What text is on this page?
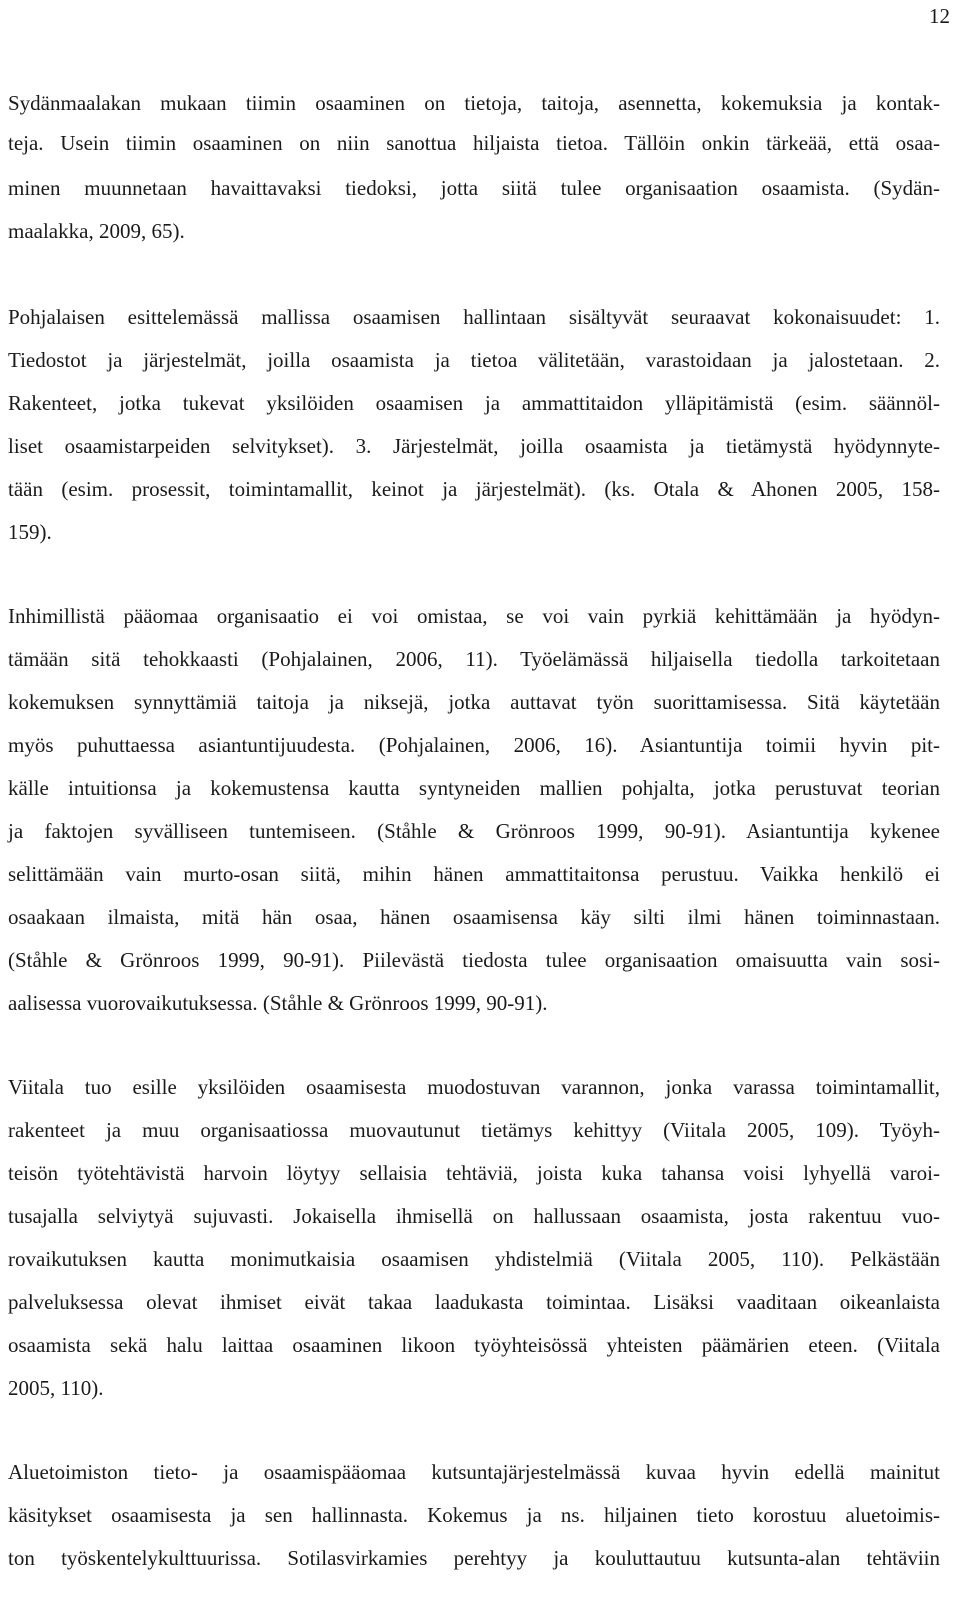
12
Sydänmaalakan mukaan tiimin osaaminen on tietoja, taitoja, asennetta, kokemuksia ja kontak-
teja. Usein tiimin osaaminen on niin sanottua hiljaista tietoa. Tällöin onkin tärkeää, että osaa-
minen muunnetaan havaittavaksi tiedoksi, jotta siitä tulee organisaation osaamista. (Sydän-
maalakka, 2009, 65).
Pohjalaisen esittelemässä mallissa osaamisen hallintaan sisältyvät seuraavat kokonaisuudet: 1.
Tiedostot ja järjestelmät, joilla osaamista ja tietoa välitetään, varastoidaan ja jalostetaan. 2.
Rakenteet, jotka tukevat yksilöiden osaamisen ja ammattitaidon ylläpitämistä (esim. säännöl-
liset osaamistarpeiden selvitykset). 3. Järjestelmät, joilla osaamista ja tietämystä hyödynnyte-
tään (esim. prosessit, toimintamallit, keinot ja järjestelmät). (ks. Otala & Ahonen 2005, 158-
159).
Inhimillistä pääomaa organisaatio ei voi omistaa, se voi vain pyrkiä kehittämään ja hyödyn-
tämään sitä tehokkaasti (Pohjalainen, 2006, 11). Työelämässä hiljaisella tiedolla tarkoitetaan
kokemuksen synnyttämiä taitoja ja niksejä, jotka auttavat työn suorittamisessa. Sitä käytetään
myös puhuttaessa asiantuntijuudesta. (Pohjalainen, 2006, 16). Asiantuntija toimii hyvin pit-
källe intuitionsa ja kokemustensa kautta syntyneiden mallien pohjalta, jotka perustuvat teorian
ja faktojen syvälliseen tuntemiseen. (Ståhle & Grönroos 1999, 90-91). Asiantuntija kykenee
selittämään vain murto-osan siitä, mihin hänen ammattitaitonsa perustuu. Vaikka henkilö ei
osaakaan ilmaista, mitä hän osaa, hänen osaamisensa käy silti ilmi hänen toiminnastaan.
(Ståhle & Grönroos 1999, 90-91). Piilevästä tiedosta tulee organisaation omaisuutta vain sosi-
aalisessa vuorovaikutuksessa. (Ståhle & Grönroos 1999, 90-91).
Viitala tuo esille yksilöiden osaamisesta muodostuvan varannon, jonka varassa toimintamallit,
rakenteet ja muu organisaatiossa muovautunut tietämys kehittyy (Viitala 2005, 109). Työyh-
teisön työtehtävistä harvoin löytyy sellaisia tehtäviä, joista kuka tahansa voisi lyhyellä varoi-
tusajalla selviytyä sujuvasti. Jokaisella ihmisellä on hallussaan osaamista, josta rakentuu vuo-
rovaikutuksen kautta monimutkaisia osaamisen yhdistelmiä (Viitala 2005, 110). Pelkästään
palveluksessa olevat ihmiset eivät takaa laadukasta toimintaa. Lisäksi vaaditaan oikeanlaista
osaamista sekä halu laittaa osaaminen likoon työyhteisössä yhteisten päämärien eteen. (Viitala
2005, 110).
Aluetoimiston tieto- ja osaamispääomaa kutsuntajärjestelmässä kuvaa hyvin edellä mainitut
käsitykset osaamisesta ja sen hallinnasta. Kokemus ja ns. hiljainen tieto korostuu aluetoimis-
ton työskentelykulttuurissa. Sotilasvirkamies perehtyy ja kouluttautuu kutsunta-alan tehtäviin
